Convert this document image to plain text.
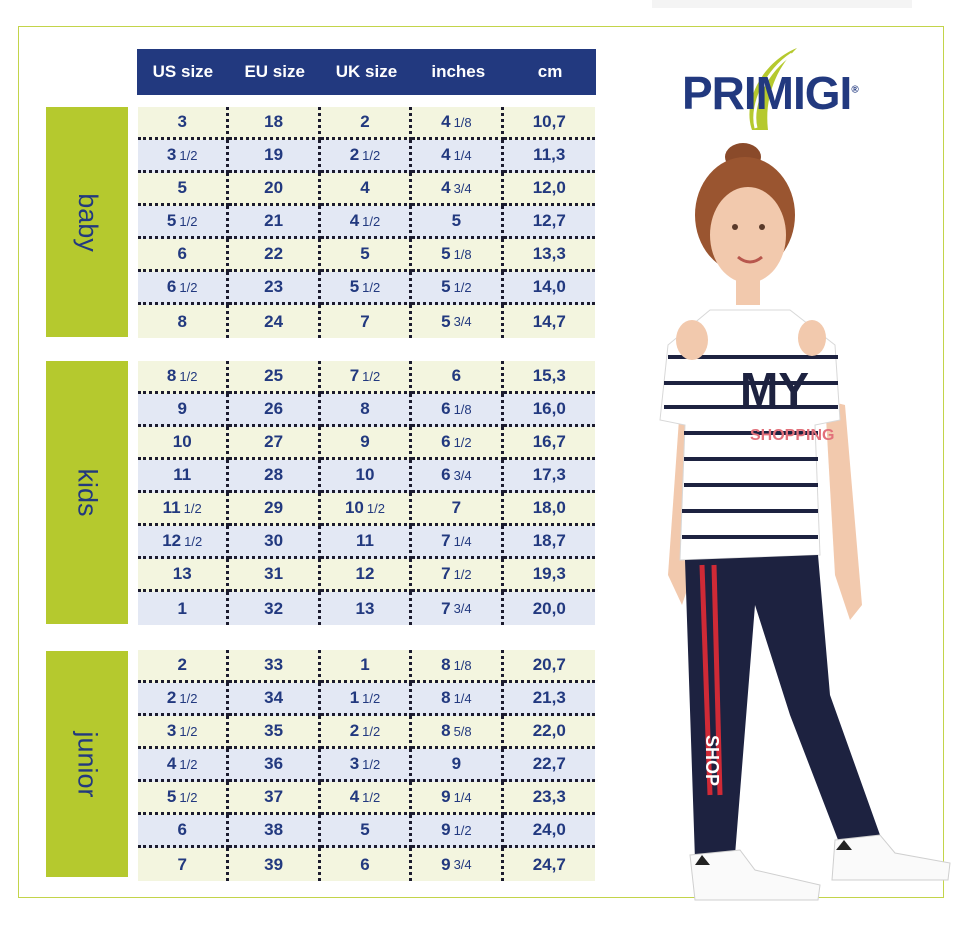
US size	EU size	UK size	inches	cm
baby
kids
junior
3	18	2	4 1/8	10,7
3 1/2	19	2 1/2	4 1/4	11,3
5	20	4	4 3/4	12,0
5 1/2	21	4 1/2	5	12,7
6	22	5	5 1/8	13,3
6 1/2	23	5 1/2	5 1/2	14,0
8	24	7	5 3/4	14,7
8 1/2	25	7 1/2	6	15,3
9	26	8	6 1/8	16,0
10	27	9	6 1/2	16,7
11	28	10	6 3/4	17,3
11 1/2	29	10 1/2	7	18,0
12 1/2	30	11	7 1/4	18,7
13	31	12	7 1/2	19,3
1	32	13	7 3/4	20,0
2	33	1	8 1/8	20,7
2 1/2	34	1 1/2	8 1/4	21,3
3 1/2	35	2 1/2	8 5/8	22,0
4 1/2	36	3 1/2	9	22,7
5 1/2	37	4 1/2	9 1/4	23,3
6	38	5	9 1/2	24,0
7	39	6	9 3/4	24,7
PRIMIGI®
MY
SHOPPING
SHOP
